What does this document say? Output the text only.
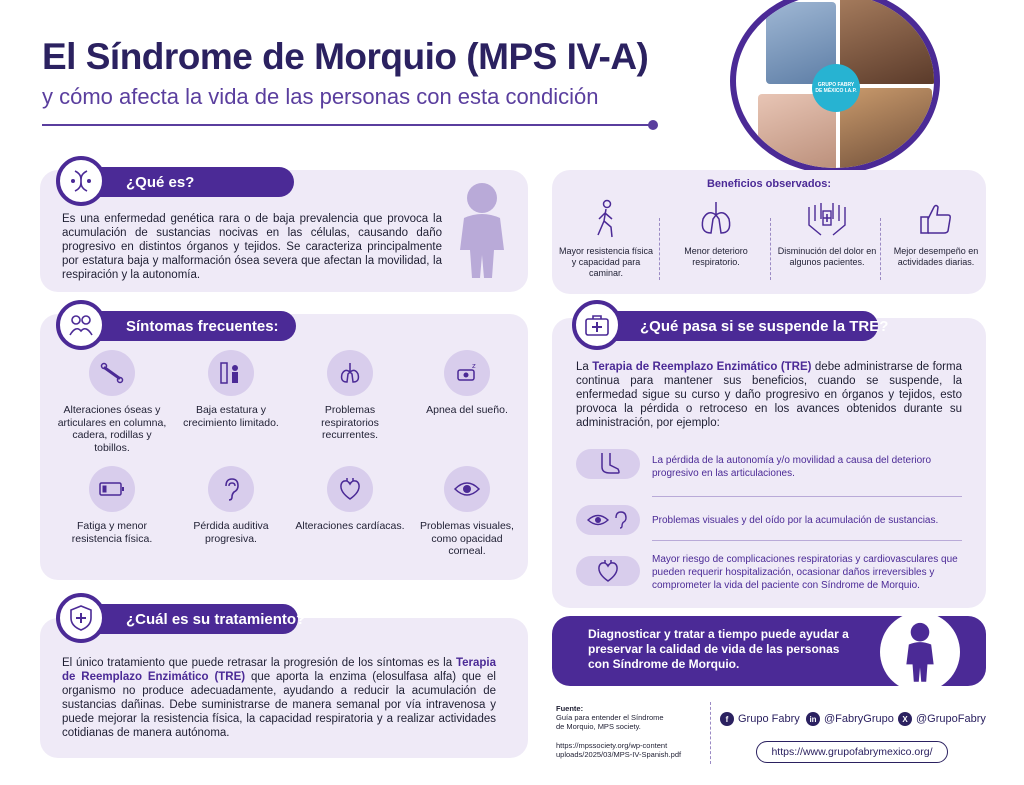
El Síndrome de Morquio (MPS IV-A)
y cómo afecta la vida de las personas con esta condición	GRUPO FABRY
DE MÉXICO I.A.P.
¿Qué es?
Es una enfermedad genética rara o de baja prevalencia que provoca la acumulación de sustancias nocivas en las células, causando daño progresivo en distintos órganos y tejidos. Se caracteriza principalmente por estatura baja y malformación ósea severa que afectan la movilidad, la respiración y la autonomía.
Síntomas frecuentes:
Alteraciones óseas y articulares en columna, cadera, rodillas y tobillos.
Baja estatura y crecimiento limitado.
Problemas respiratorios recurrentes.
z
Apnea del sueño.
Fatiga y menor resistencia física.
Pérdida auditiva progresiva.
Alteraciones cardíacas.	Problemas visuales, como opacidad corneal.
¿Cuál es su tratamiento?
El único tratamiento que puede retrasar la progresión de los síntomas es la Terapia de Reemplazo Enzimático (TRE) que aporta la enzima (elosulfasa alfa) que el organismo no produce adecuadamente, ayudando a reducir la acumulación de sustancias dañinas. Debe suministrarse de manera semanal por vía intravenosa y puede mejorar la resistencia física, la capacidad respiratoria y a realizar actividades cotidianas de manera autónoma.
Beneficios observados:
Mayor resistencia física y capacidad para caminar.
Menor deterioro respiratorio.
Disminución del dolor en algunos pacientes.
Mejor desempeño en actividades diarias.
¿Qué pasa si se suspende la TRE?
La Terapia de Reemplazo Enzimático (TRE) debe administrarse de forma continua para mantener sus beneficios, cuando se suspende, la enfermedad sigue su curso y daño progresivo en órganos y tejidos, esto provoca la pérdida o retroceso en los avances obtenidos durante su administración, por ejemplo:
La pérdida de la autonomía y/o movilidad a causa del deterioro progresivo en las articulaciones.
Problemas visuales y del oído por la acumulación de sustancias.
Mayor riesgo de complicaciones respiratorias y cardiovasculares que pueden requerir hospitalización, ocasionar daños irreversibles y comprometer la vida del paciente con Síndrome de Morquio.
Diagnosticar y tratar a tiempo puede ayudar a preservar la calidad de vida de las personas con Síndrome de Morquio.
Fuente:
Guía para entender el Síndrome
de Morquio, MPS society.
https://mpssociety.org/wp-content
uploads/2025/03/MPS-IV-Spanish.pdf
f Grupo Fabry	in @FabryGrupo	X @GrupoFabry
https://www.grupofabrymexico.org/
